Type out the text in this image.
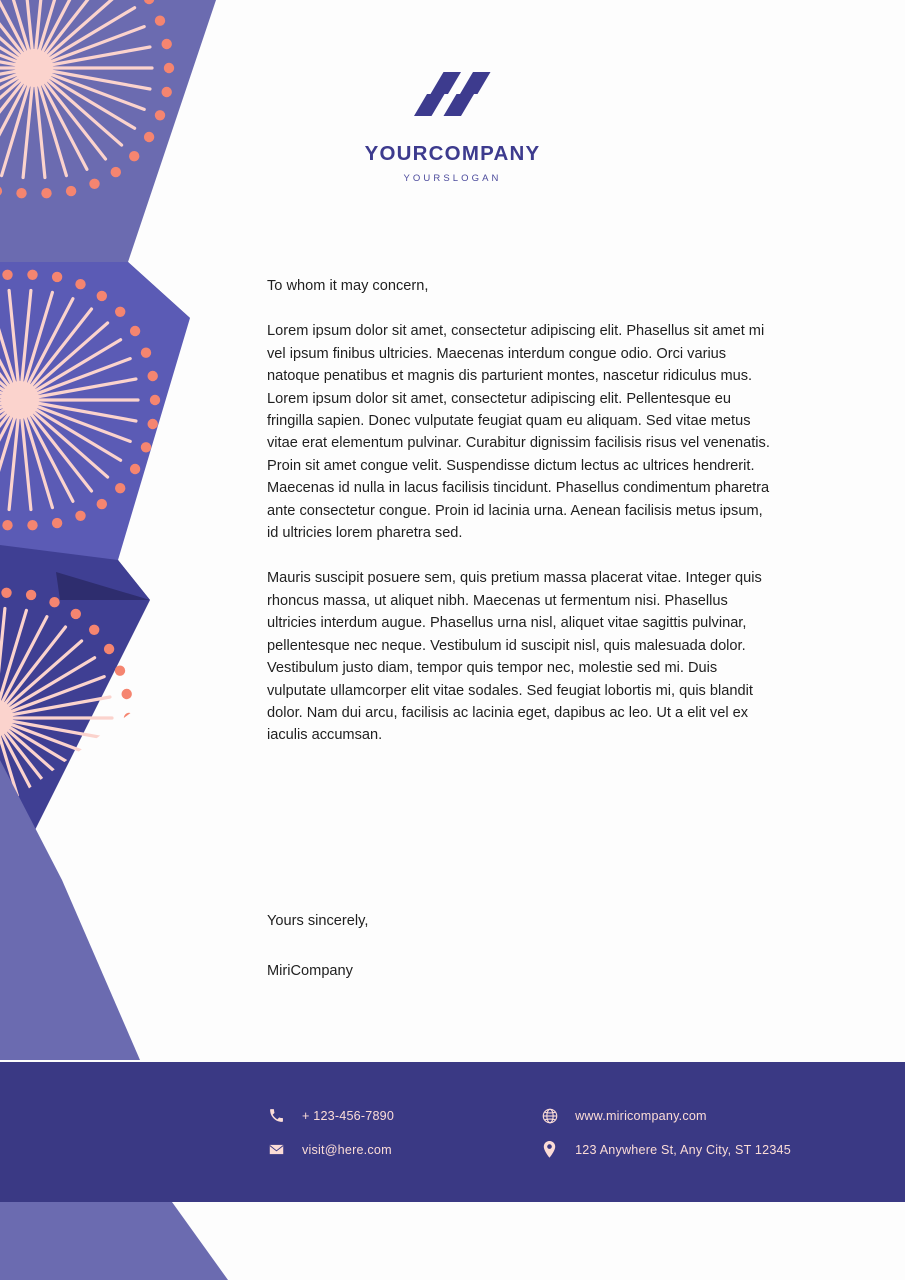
YOURCOMPANY
YOURSLOGAN
To whom it may concern,

Lorem ipsum dolor sit amet, consectetur adipiscing elit. Phasellus sit amet mi vel ipsum finibus ultricies. Maecenas interdum congue odio. Orci varius natoque penatibus et magnis dis parturient montes, nascetur ridiculus mus. Lorem ipsum dolor sit amet, consectetur adipiscing elit. Pellentesque eu fringilla sapien. Donec vulputate feugiat quam eu aliquam. Sed vitae metus vitae erat elementum pulvinar. Curabitur dignissim facilisis risus vel venenatis. Proin sit amet congue velit. Suspendisse dictum lectus ac ultrices hendrerit. Maecenas id nulla in lacus facilisis tincidunt. Phasellus condimentum pharetra ante consectetur congue. Proin id lacinia urna. Aenean facilisis metus ipsum, id ultricies lorem pharetra sed.

Mauris suscipit posuere sem, quis pretium massa placerat vitae. Integer quis rhoncus massa, ut aliquet nibh. Maecenas ut fermentum nisi. Phasellus ultricies interdum augue. Phasellus urna nisl, aliquet vitae sagittis pulvinar, pellentesque nec neque. Vestibulum id suscipit nisl, quis malesuada dolor. Vestibulum justo diam, tempor quis tempor nec, molestie sed mi. Duis vulputate ullamcorper elit vitae sodales. Sed feugiat lobortis mi, quis blandit dolor. Nam dui arcu, facilisis ac lacinia eget, dapibus ac leo. Ut a elit vel ex iaculis accumsan.

Yours sincerely,
MiriCompany
+ 123-456-7890
visit@here.com
www.miricompany.com
123 Anywhere St, Any City, ST 12345
